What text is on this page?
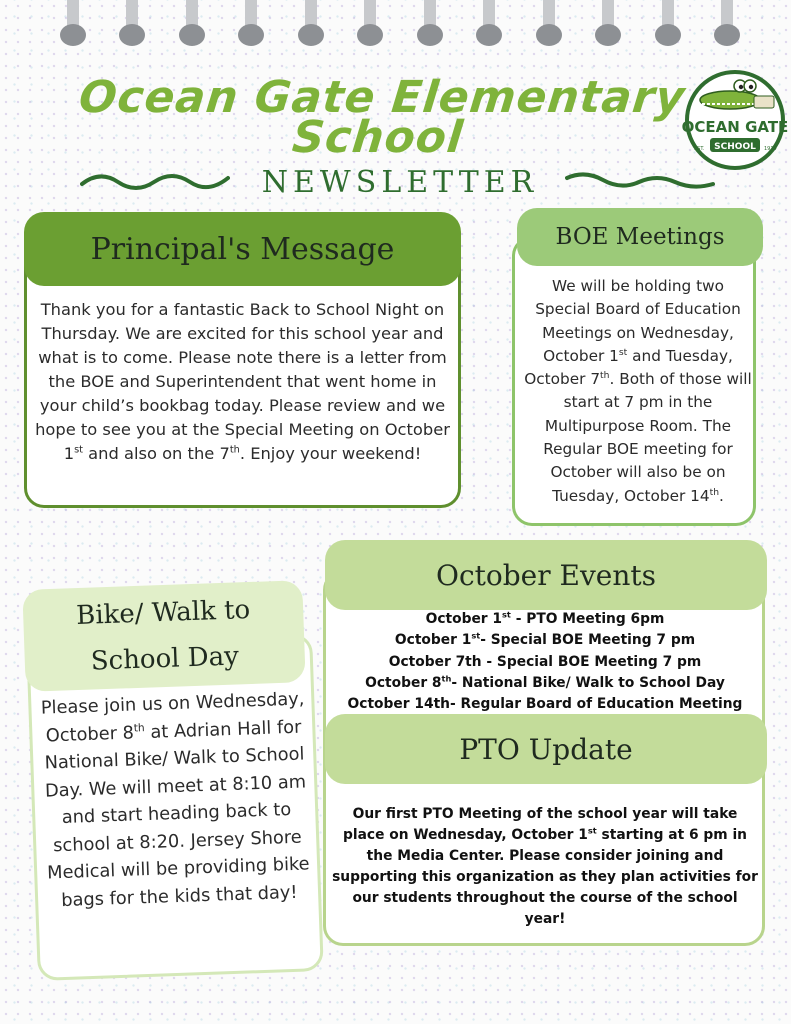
Ocean Gate Elementary School
NEWSLETTER
OCEAN GATE
SCHOOL
EST.	1914
Principal's Message
Thank you for a fantastic Back to School Night on Thursday. We are excited for this school year and what is to come. Please note there is a letter from the BOE and Superintendent that went home in your child’s bookbag today. Please review and we hope to see you at the Special Meeting on October 1st and also on the 7th. Enjoy your weekend!
BOE Meetings
We will be holding two Special Board of Education Meetings on Wednesday, October 1st and Tuesday, October 7th. Both of those will start at 7 pm in the Multipurpose Room. The Regular BOE meeting for October will also be on Tuesday, October 14th.
October Events
October 1st - PTO Meeting 6pm
October 1st- Special BOE Meeting 7 pm
October 7th - Special BOE Meeting 7 pm
October 8th- National Bike/ Walk to School Day
October 14th- Regular Board of Education Meeting
PTO Update
Our first PTO Meeting of the school year will take place on Wednesday, October 1st starting at 6 pm in the Media Center. Please consider joining and supporting this organization as they plan activities for our students throughout the course of the school year!
Bike/ Walk to
School Day
Please join us on Wednesday, October 8th at Adrian Hall for National Bike/ Walk to School Day. We will meet at 8:10 am and start heading back to school at 8:20. Jersey Shore Medical will be providing bike bags for the kids that day!
